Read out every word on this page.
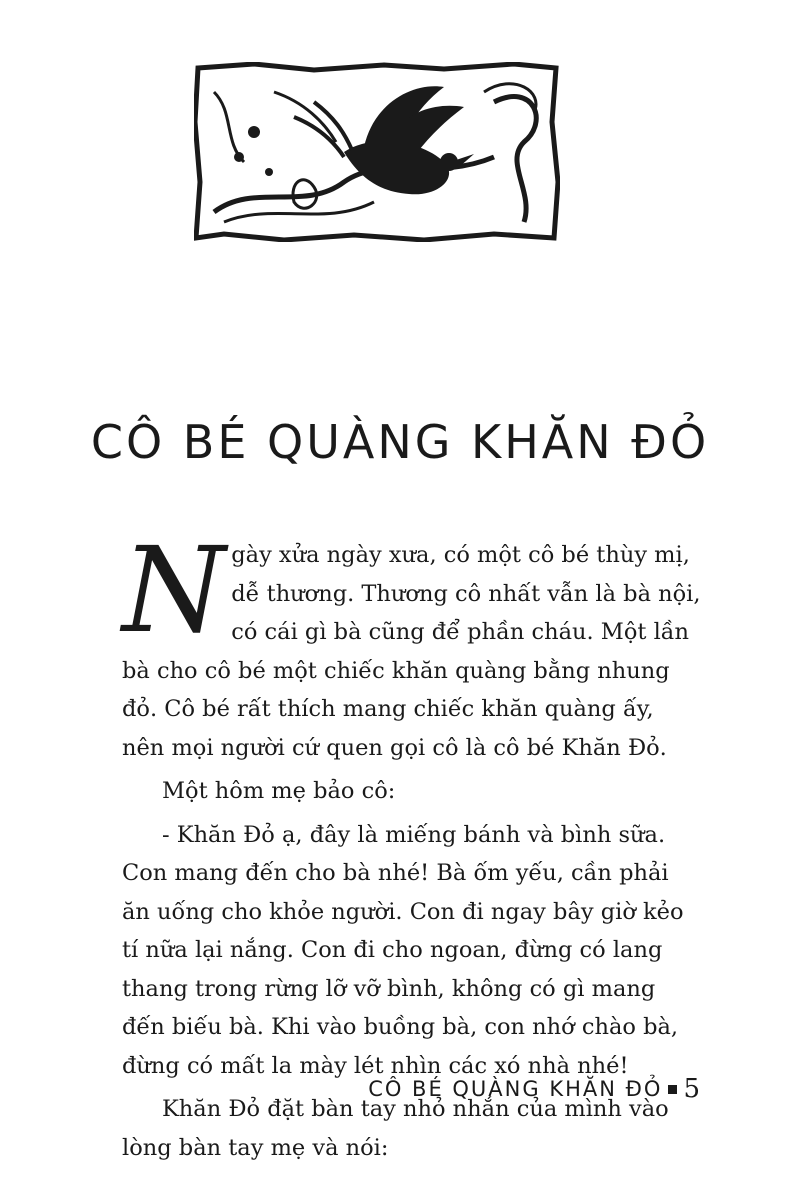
CÔ BÉ QUÀNG KHĂN ĐỎ

Ngày xửa ngày xưa, có một cô bé thùy mị, dễ thương. Thương cô nhất vẫn là bà nội, có cái gì bà cũng để phần cháu. Một lần bà cho cô bé một chiếc khăn quàng bằng nhung đỏ. Cô bé rất thích mang chiếc khăn quàng ấy, nên mọi người cứ quen gọi cô là cô bé Khăn Đỏ.

Một hôm mẹ bảo cô:

- Khăn Đỏ ạ, đây là miếng bánh và bình sữa. Con mang đến cho bà nhé! Bà ốm yếu, cần phải ăn uống cho khỏe người. Con đi ngay bây giờ kẻo tí nữa lại nắng. Con đi cho ngoan, đừng có lang thang trong rừng lỡ vỡ bình, không có gì mang đến biếu bà. Khi vào buồng bà, con nhớ chào bà, đừng có mất la mày lét nhìn các xó nhà nhé!

Khăn Đỏ đặt bàn tay nhỏ nhắn của mình vào lòng bàn tay mẹ và nói:

CÔ BÉ QUÀNG KHĂN ĐỎ 5
